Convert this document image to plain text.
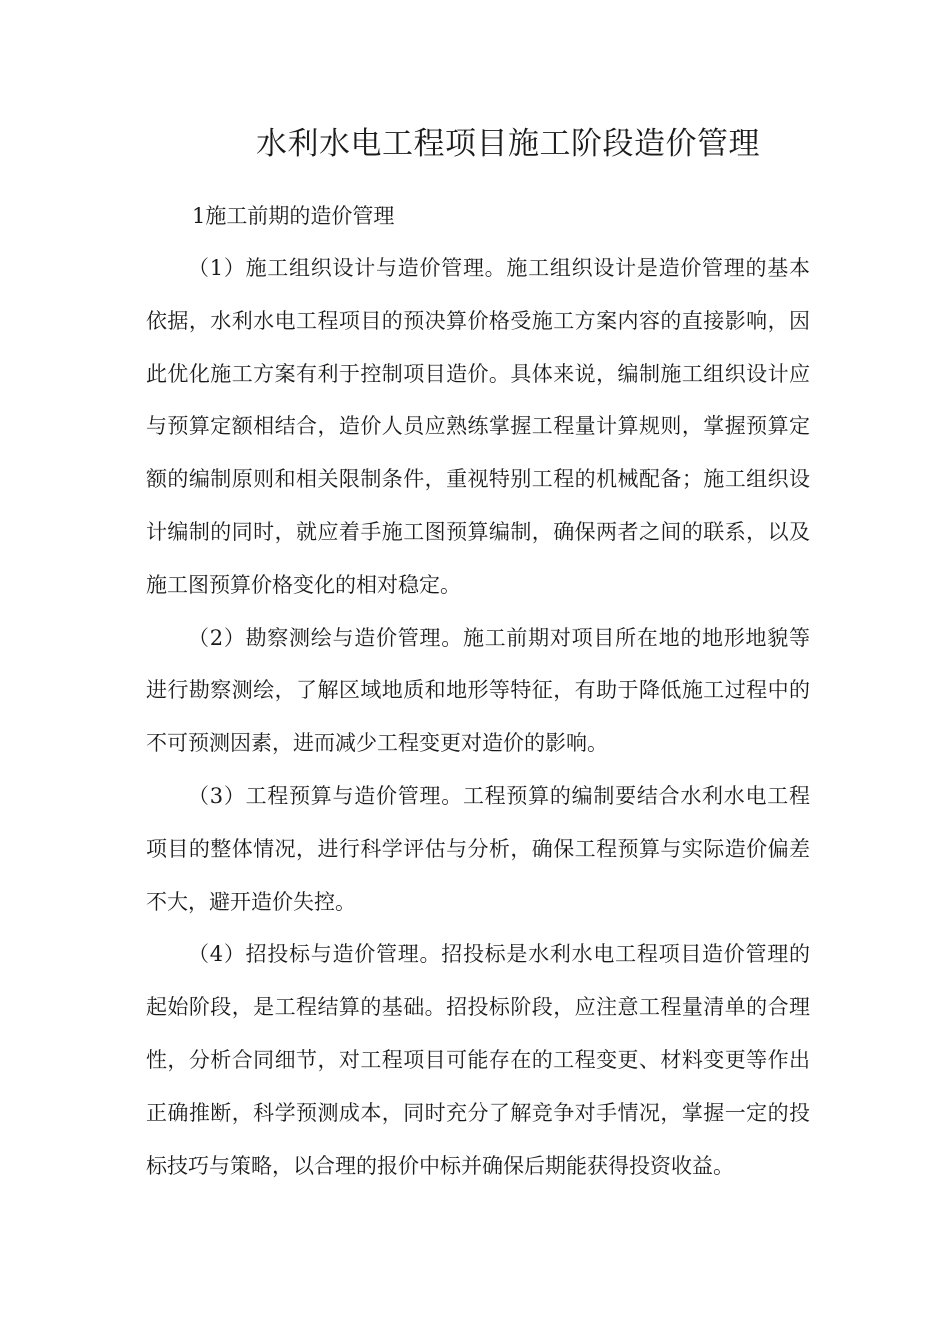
水利水电工程项目施工阶段造价管理
1施工前期的造价管理

（1）施工组织设计与造价管理。施工组织设计是造价管理的基本依据，水利水电工程项目的预决算价格受施工方案内容的直接影响，因此优化施工方案有利于控制项目造价。具体来说，编制施工组织设计应与预算定额相结合，造价人员应熟练掌握工程量计算规则，掌握预算定额的编制原则和相关限制条件，重视特别工程的机械配备；施工组织设计编制的同时，就应着手施工图预算编制，确保两者之间的联系，以及施工图预算价格变化的相对稳定。

（2）勘察测绘与造价管理。施工前期对项目所在地的地形地貌等进行勘察测绘，了解区域地质和地形等特征，有助于降低施工过程中的不可预测因素，进而减少工程变更对造价的影响。

（3）工程预算与造价管理。工程预算的编制要结合水利水电工程项目的整体情况，进行科学评估与分析，确保工程预算与实际造价偏差不大，避开造价失控。

（4）招投标与造价管理。招投标是水利水电工程项目造价管理的起始阶段，是工程结算的基础。招投标阶段，应注意工程量清单的合理性，分析合同细节，对工程项目可能存在的工程变更、材料变更等作出正确推断，科学预测成本，同时充分了解竞争对手情况，掌握一定的投标技巧与策略，以合理的报价中标并确保后期能获得投资收益。
